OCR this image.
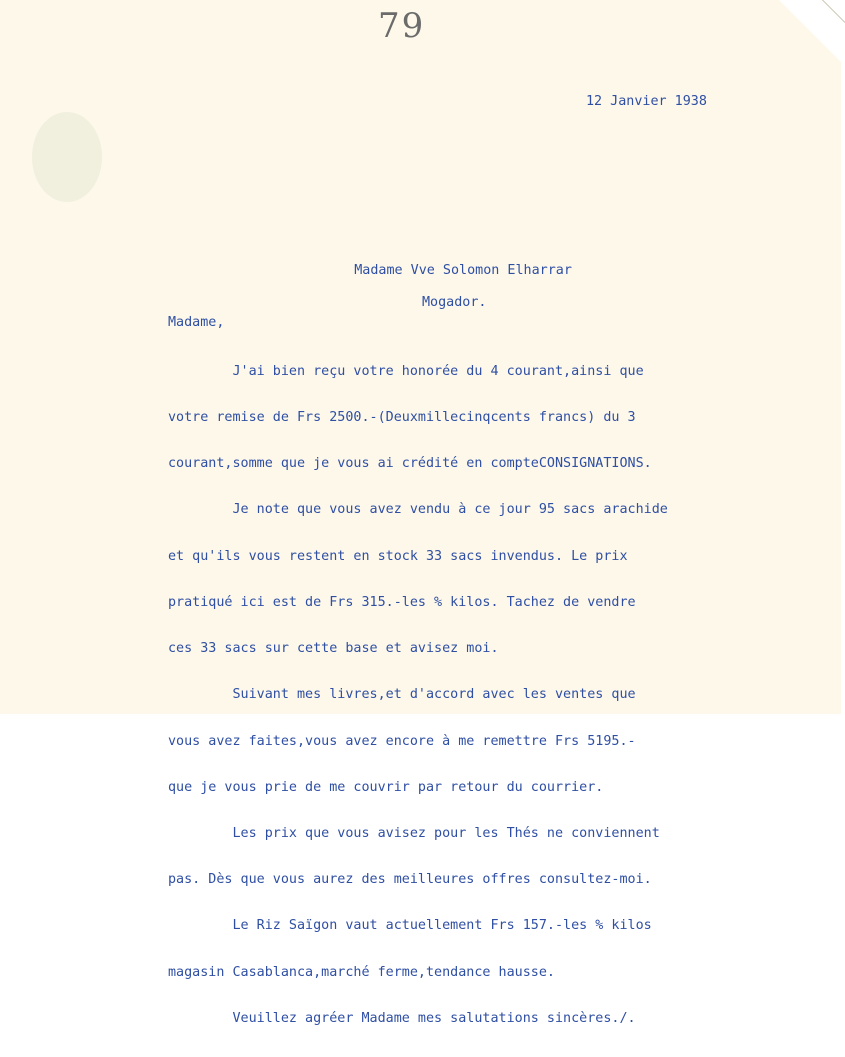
79
12 Janvier 1938

Madame Vve Solomon Elharrar

Mogador.

Madame,

J'ai bien reçu votre honorée du 4 courant,ainsi que

votre remise de Frs 2500.-(Deuxmillecinqcents francs) du 3

courant,somme que je vous ai crédité en compteCONSIGNATIONS.

Je note que vous avez vendu à ce jour 95 sacs arachide

et qu'ils vous restent en stock 33 sacs invendus. Le prix

pratiqué ici est de Frs 315.-les % kilos. Tachez de vendre

ces 33 sacs sur cette base et avisez moi.

Suivant mes livres,et d'accord avec les ventes que

vous avez faites,vous avez encore à me remettre Frs 5195.-

que je vous prie de me couvrir par retour du courrier.

Les prix que vous avisez pour les Thés ne conviennent

pas. Dès que vous aurez des meilleures offres consultez-moi.

Le Riz Saïgon vaut actuellement Frs 157.-les % kilos

magasin Casablanca,marché ferme,tendance hausse.

Veuillez agréer Madame mes salutations sincères./.
